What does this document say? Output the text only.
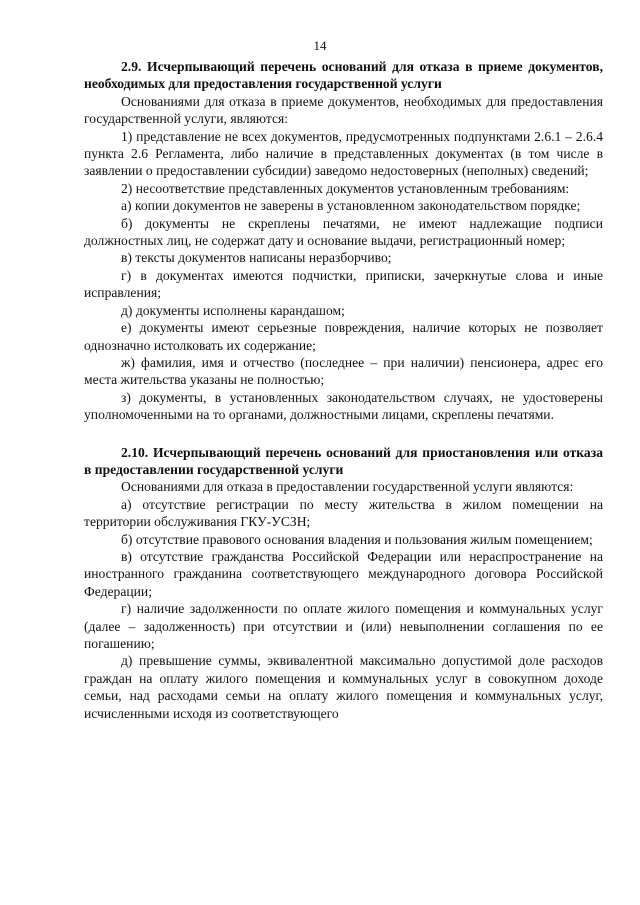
14

2.9. Исчерпывающий перечень оснований для отказа в приеме документов, необходимых для предоставления государственной услуги

Основаниями для отказа в приеме документов, необходимых для предоставления государственной услуги, являются:

1) представление не всех документов, предусмотренных подпунктами 2.6.1 – 2.6.4 пункта 2.6 Регламента, либо наличие в представленных документах (в том числе в заявлении о предоставлении субсидии) заведомо недостоверных (неполных) сведений;

2) несоответствие представленных документов установленным требованиям:

а) копии документов не заверены в установленном законодательством порядке;

б) документы не скреплены печатями, не имеют надлежащие подписи должностных лиц, не содержат дату и основание выдачи, регистрационный номер;

в) тексты документов написаны неразборчиво;

г) в документах имеются подчистки, приписки, зачеркнутые слова и иные исправления;

д) документы исполнены карандашом;

е) документы имеют серьезные повреждения, наличие которых не позволяет однозначно истолковать их содержание;

ж) фамилия, имя и отчество (последнее – при наличии) пенсионера, адрес его места жительства указаны не полностью;

з) документы, в установленных законодательством случаях, не удостоверены уполномоченными на то органами, должностными лицами, скреплены печатями.

2.10. Исчерпывающий перечень оснований для приостановления или отказа в предоставлении государственной услуги

Основаниями для отказа в предоставлении государственной услуги являются:

а) отсутствие регистрации по месту жительства в жилом помещении на территории обслуживания ГКУ-УСЗН;

б) отсутствие правового основания владения и пользования жилым помещением;

в) отсутствие гражданства Российской Федерации или нераспространение на иностранного гражданина соответствующего международного договора Российской Федерации;

г) наличие задолженности по оплате жилого помещения и коммунальных услуг (далее – задолженность) при отсутствии и (или) невыполнении соглашения по ее погашению;

д) превышение суммы, эквивалентной максимально допустимой доле расходов граждан на оплату жилого помещения и коммунальных услуг в совокупном доходе семьи, над расходами семьи на оплату жилого помещения и коммунальных услуг, исчисленными исходя из соответствующего
